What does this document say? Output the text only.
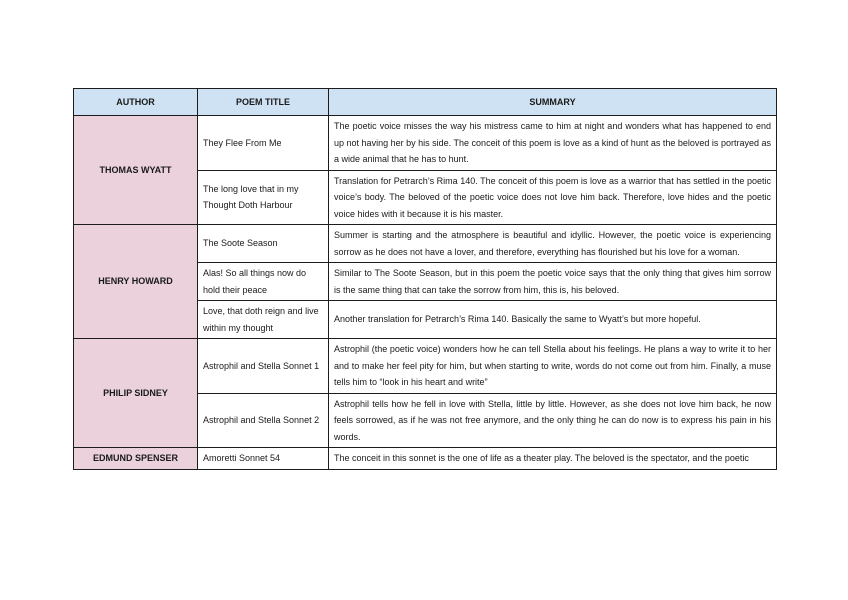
AUTHOR	POEM TITLE	SUMMARY
THOMAS WYATT	They Flee From Me	The poetic voice misses the way his mistress came to him at night and wonders what has happened to end up not having her by his side. The conceit of this poem is love as a kind of hunt as the beloved is portrayed as a wide animal that he has to hunt.
	The long love that in my Thought Doth Harbour	Translation for Petrarch’s Rima 140. The conceit of this poem is love as a warrior that has settled in the poetic voice’s body. The beloved of the poetic voice does not love him back. Therefore, love hides and the poetic voice hides with it because it is his master.
HENRY HOWARD	The Soote Season	Summer is starting and the atmosphere is beautiful and idyllic. However, the poetic voice is experiencing sorrow as he does not have a lover, and therefore, everything has flourished but his love for a woman.
	Alas! So all things now do hold their peace	Similar to The Soote Season, but in this poem the poetic voice says that the only thing that gives him sorrow is the same thing that can take the sorrow from him, this is, his beloved.
	Love, that doth reign and live within my thought	Another translation for Petrarch’s Rima 140. Basically the same to Wyatt’s but more hopeful.
PHILIP SIDNEY	Astrophil and Stella Sonnet 1	Astrophil (the poetic voice) wonders how he can tell Stella about his feelings. He plans a way to write it to her and to make her feel pity for him, but when starting to write, words do not come out from him. Finally, a muse tells him to “look in his heart and write”
	Astrophil and Stella Sonnet 2	Astrophil tells how he fell in love with Stella, little by little. However, as she does not love him back, he now feels sorrowed, as if he was not free anymore, and the only thing he can do now is to express his pain in his words.
EDMUND SPENSER	Amoretti Sonnet 54	The conceit in this sonnet is the one of life as a theater play. The beloved is the spectator, and the poetic
